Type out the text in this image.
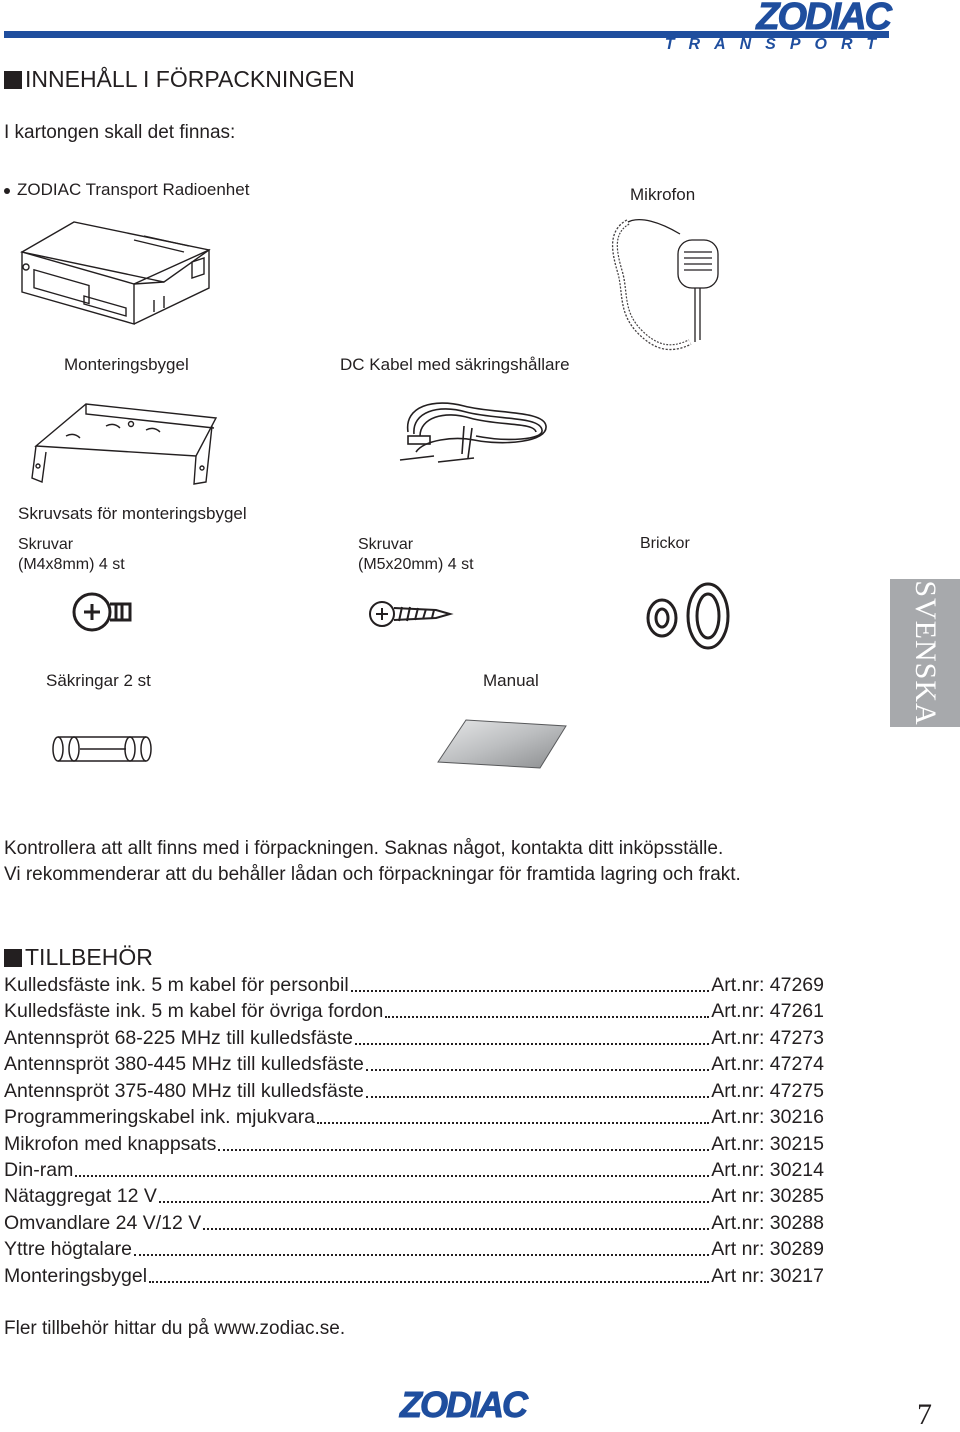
ZODIAC
TRANSPORT
INNEHÅLL I FÖRPACKNINGEN
I kartongen skall det finnas:
ZODIAC Transport Radioenhet	Mikrofon
Monteringsbygel	DC Kabel med säkringshållare
Skruvsats för monteringsbygel
Skruvar
(M4x8mm) 4 st
Skruvar
(M5x20mm) 4 st
Brickor
Säkringar 2 st	Manual	SVENSKA
Kontrollera att allt finns med i förpackningen. Saknas något, kontakta ditt inköpsställe.
Vi rekommenderar att du behåller lådan och förpackningar för framtida lagring och frakt.
TILLBEHÖR
Kulledsfäste ink. 5 m kabel för personbil	Art.nr: 47269
Kulledsfäste ink. 5 m kabel för övriga fordon	Art.nr: 47261
Antennspröt 68-225 MHz till kulledsfäste	Art.nr: 47273
Antennspröt 380-445 MHz till kulledsfäste	Art.nr: 47274
Antennspröt 375-480 MHz till kulledsfäste	Art.nr: 47275
Programmeringskabel ink. mjukvara	Art.nr: 30216
Mikrofon med knappsats	Art.nr: 30215
Din-ram	Art.nr: 30214
Nätaggregat 12 V	Art nr: 30285
Omvandlare 24 V/12 V	Art.nr: 30288
Yttre högtalare	Art nr: 30289
Monteringsbygel	Art nr: 30217
Fler tillbehör hittar du på www.zodiac.se.
ZODIAC	7
